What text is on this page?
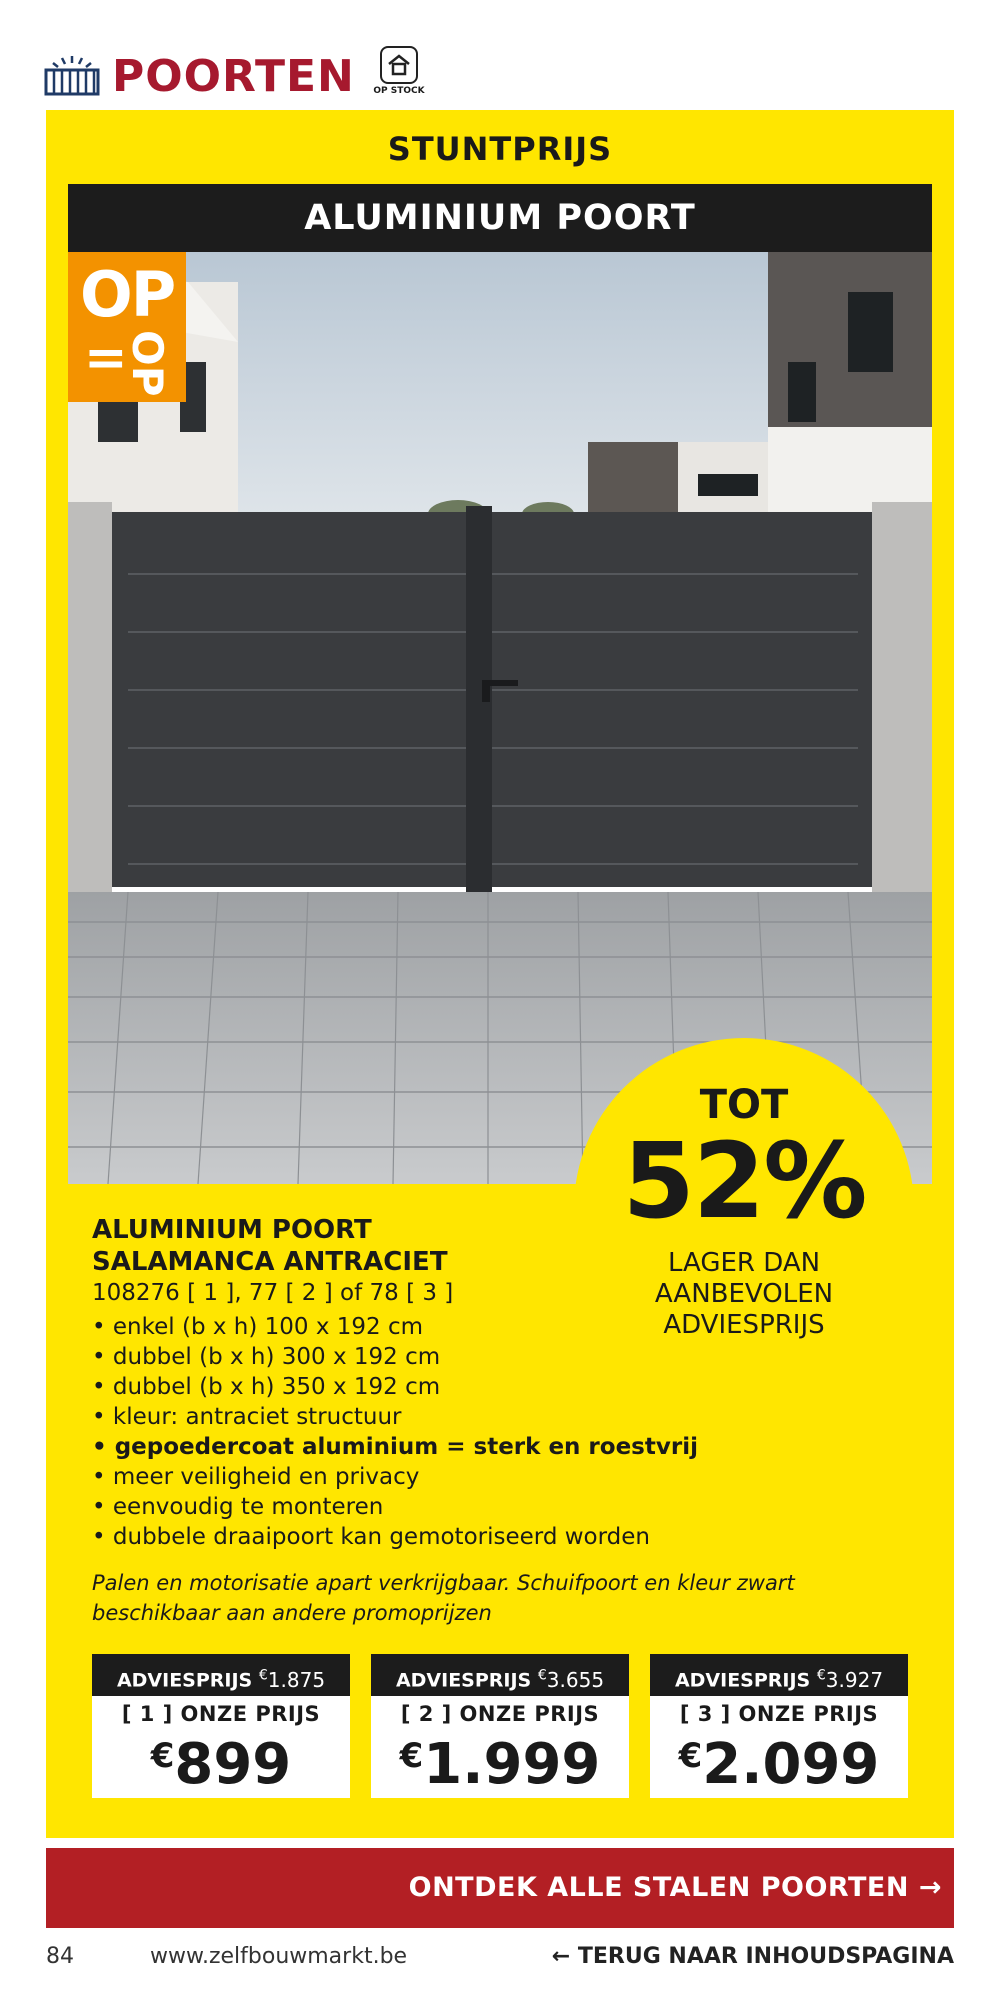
POORTEN	OP STOCK
STUNTPRIJS
ALUMINIUM POORT
OP
=
OP
TOT
52%
LAGER DAN
AANBEVOLEN
ADVIESPRIJS
ALUMINIUM POORT
SALAMANCA ANTRACIET
108276 [ 1 ], 77 [ 2 ] of 78 [ 3 ]
• enkel (b x h) 100 x 192 cm
• dubbel (b x h) 300 x 192 cm
• dubbel (b x h) 350 x 192 cm
• kleur: antraciet structuur
• gepoedercoat aluminium = sterk en roestvrij
• meer veiligheid en privacy
• eenvoudig te monteren
• dubbele draaipoort kan gemotoriseerd worden
Palen en motorisatie apart verkrijgbaar. Schuifpoort en kleur zwart beschikbaar aan andere promoprijzen
ADVIESPRIJS €1.875
[ 1 ] ONZE PRIJS
€899
ADVIESPRIJS €3.655
[ 2 ] ONZE PRIJS
€1.999
ADVIESPRIJS €3.927
[ 3 ] ONZE PRIJS
€2.099
ONTDEK ALLE STALEN POORTEN →
84	www.zelfbouwmarkt.be	← TERUG NAAR INHOUDSPAGINA
